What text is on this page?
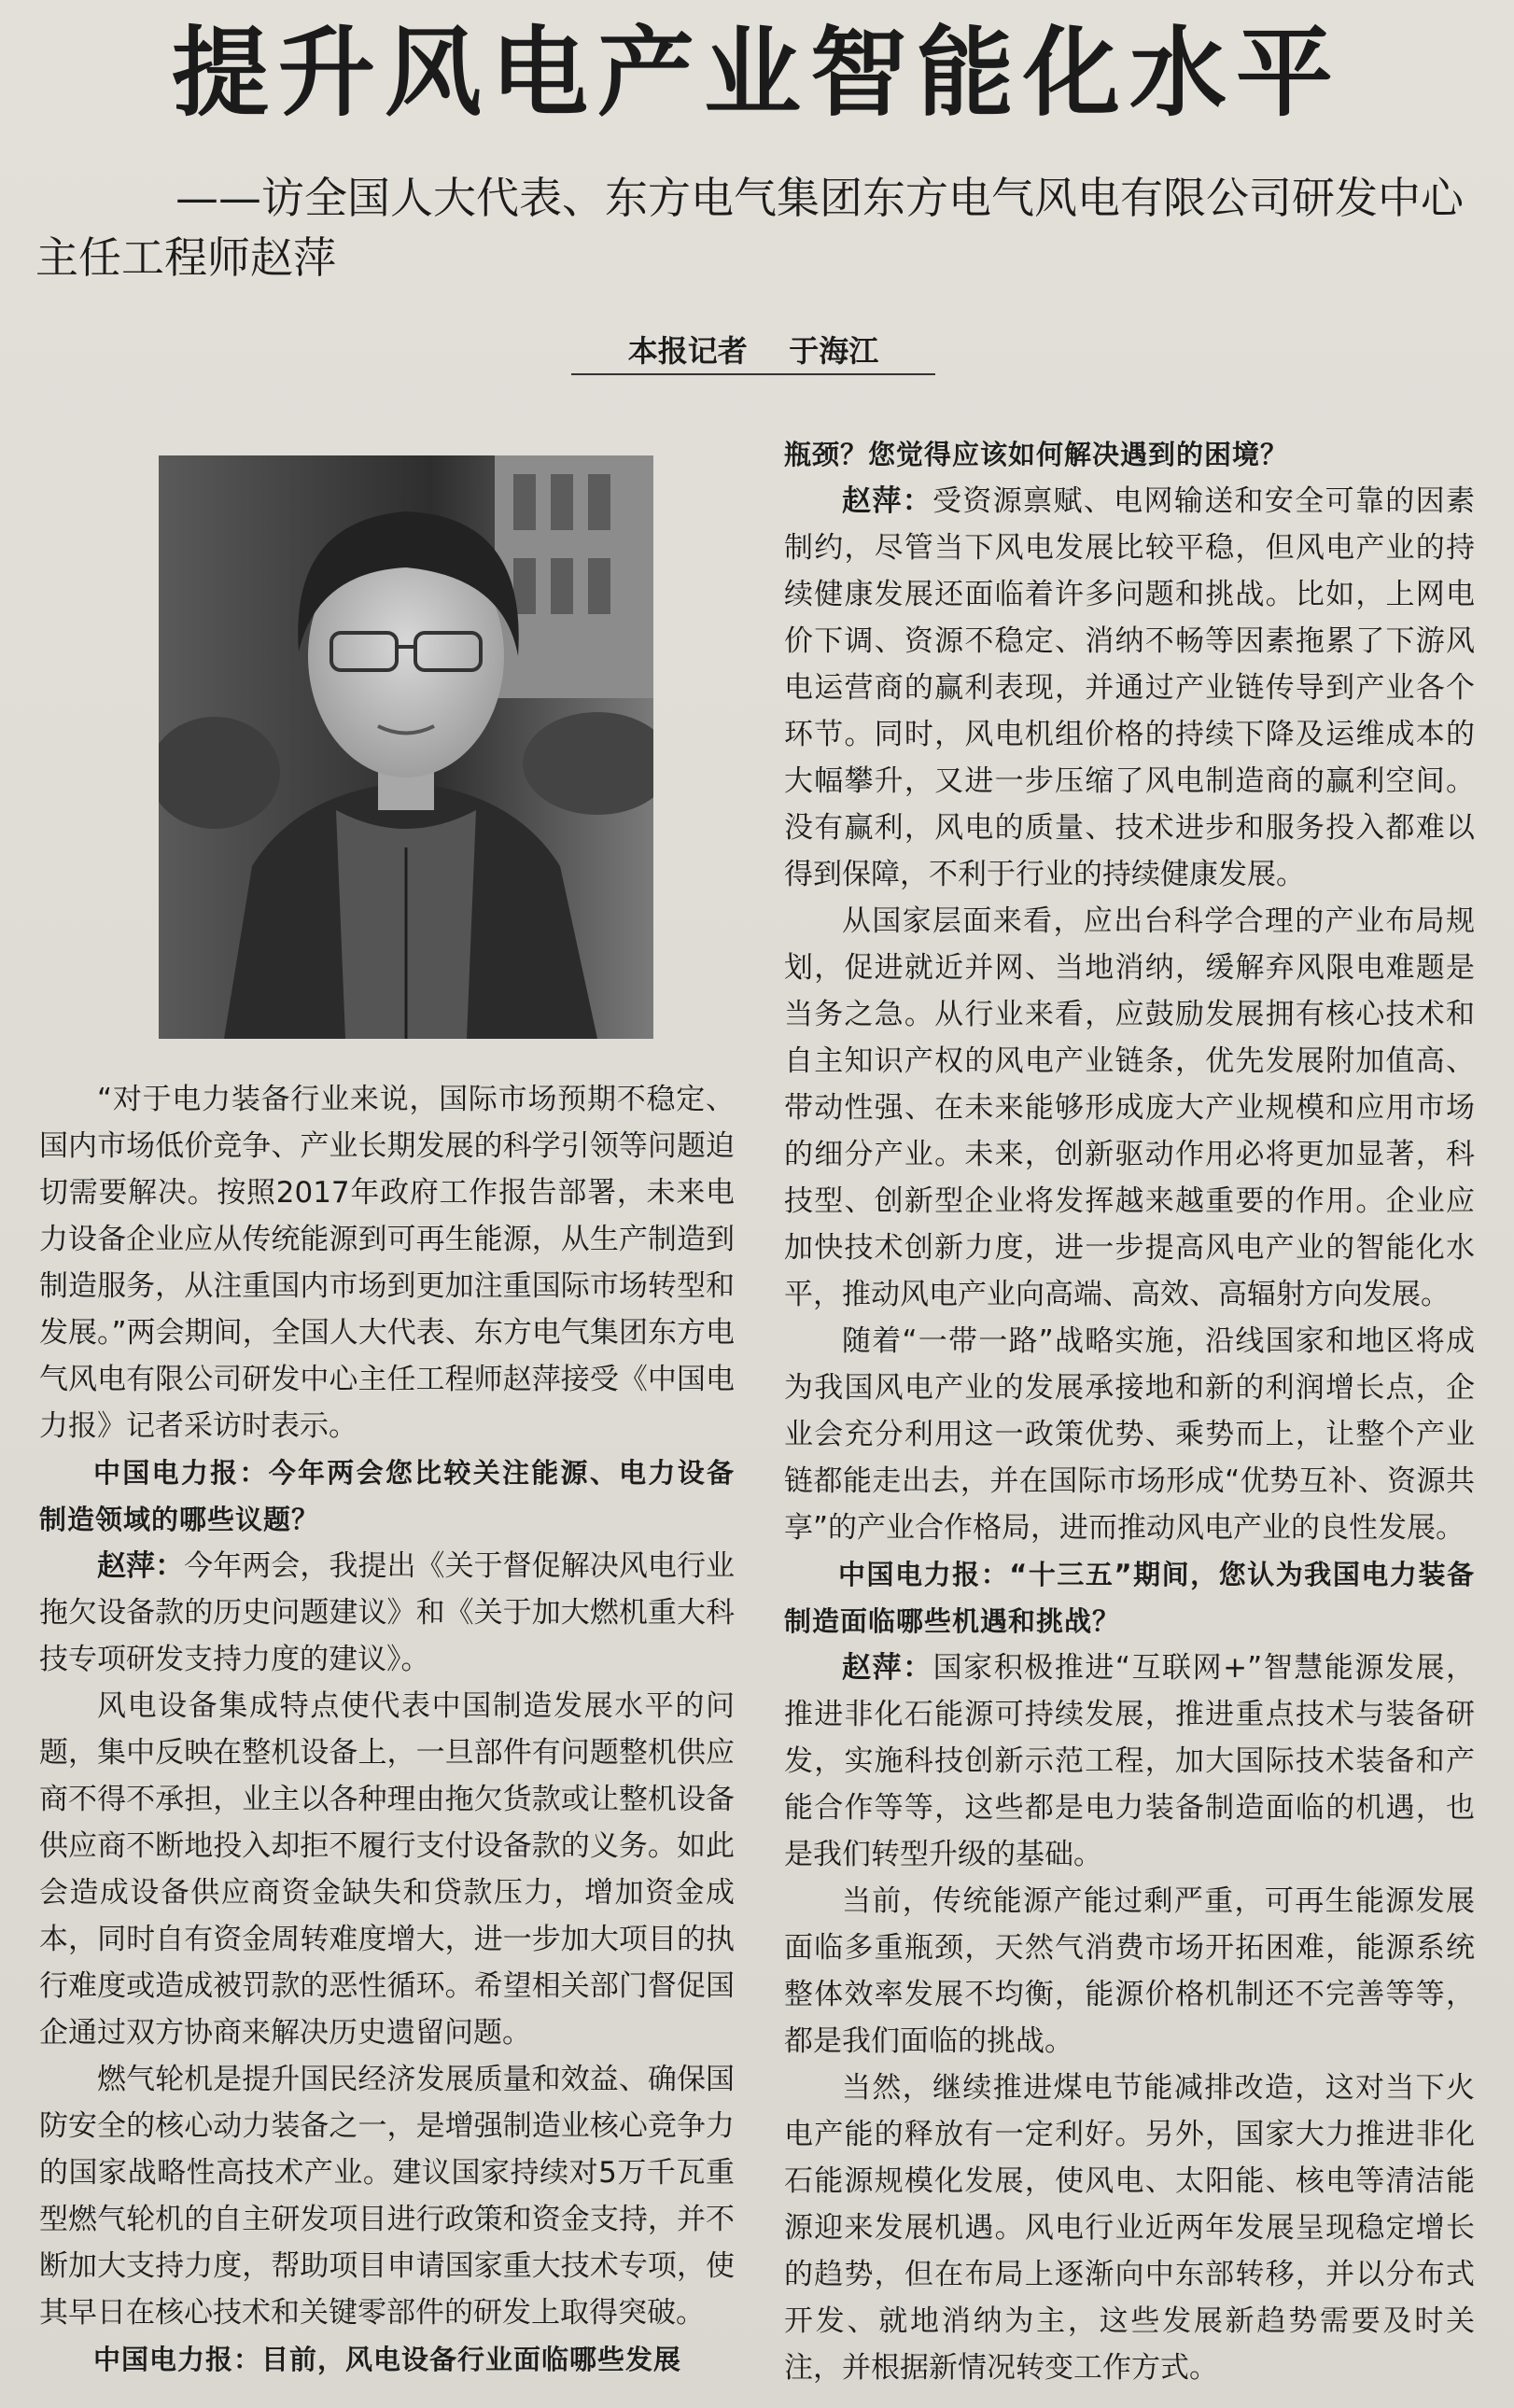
提升风电产业智能化水平

——访全国人大代表、东方电气集团东方电气风电有限公司研发中心主任工程师赵萍

本报记者    于海江

“对于电力装备行业来说，国际市场预期不稳定、国内市场低价竞争、产业长期发展的科学引领等问题迫切需要解决。按照2017年政府工作报告部署，未来电力设备企业应从传统能源到可再生能源，从生产制造到制造服务，从注重国内市场到更加注重国际市场转型和发展。”两会期间，全国人大代表、东方电气集团东方电气风电有限公司研发中心主任工程师赵萍接受《中国电力报》记者采访时表示。

中国电力报：今年两会您比较关注能源、电力设备制造领域的哪些议题？

赵萍：今年两会，我提出《关于督促解决风电行业拖欠设备款的历史问题建议》和《关于加大燃机重大科技专项研发支持力度的建议》。

风电设备集成特点使代表中国制造发展水平的问题，集中反映在整机设备上，一旦部件有问题整机供应商不得不承担，业主以各种理由拖欠货款或让整机设备供应商不断地投入却拒不履行支付设备款的义务。如此会造成设备供应商资金缺失和贷款压力，增加资金成本，同时自有资金周转难度增大，进一步加大项目的执行难度或造成被罚款的恶性循环。希望相关部门督促国企通过双方协商来解决历史遗留问题。

燃气轮机是提升国民经济发展质量和效益、确保国防安全的核心动力装备之一，是增强制造业核心竞争力的国家战略性高技术产业。建议国家持续对5万千瓦重型燃气轮机的自主研发项目进行政策和资金支持，并不断加大支持力度，帮助项目申请国家重大技术专项，使其早日在核心技术和关键零部件的研发上取得突破。

中国电力报：目前，风电设备行业面临哪些发展

瓶颈？您觉得应该如何解决遇到的困境？

赵萍：受资源禀赋、电网输送和安全可靠的因素制约，尽管当下风电发展比较平稳，但风电产业的持续健康发展还面临着许多问题和挑战。比如，上网电价下调、资源不稳定、消纳不畅等因素拖累了下游风电运营商的赢利表现，并通过产业链传导到产业各个环节。同时，风电机组价格的持续下降及运维成本的大幅攀升，又进一步压缩了风电制造商的赢利空间。没有赢利，风电的质量、技术进步和服务投入都难以得到保障，不利于行业的持续健康发展。

从国家层面来看，应出台科学合理的产业布局规划，促进就近并网、当地消纳，缓解弃风限电难题是当务之急。从行业来看，应鼓励发展拥有核心技术和自主知识产权的风电产业链条，优先发展附加值高、带动性强、在未来能够形成庞大产业规模和应用市场的细分产业。未来，创新驱动作用必将更加显著，科技型、创新型企业将发挥越来越重要的作用。企业应加快技术创新力度，进一步提高风电产业的智能化水平，推动风电产业向高端、高效、高辐射方向发展。

随着“一带一路”战略实施，沿线国家和地区将成为我国风电产业的发展承接地和新的利润增长点，企业会充分利用这一政策优势、乘势而上，让整个产业链都能走出去，并在国际市场形成“优势互补、资源共享”的产业合作格局，进而推动风电产业的良性发展。

中国电力报：“十三五”期间，您认为我国电力装备制造面临哪些机遇和挑战？

赵萍：国家积极推进“互联网+”智慧能源发展，推进非化石能源可持续发展，推进重点技术与装备研发，实施科技创新示范工程，加大国际技术装备和产能合作等等，这些都是电力装备制造面临的机遇，也是我们转型升级的基础。

当前，传统能源产能过剩严重，可再生能源发展面临多重瓶颈，天然气消费市场开拓困难，能源系统整体效率发展不均衡，能源价格机制还不完善等等，都是我们面临的挑战。

当然，继续推进煤电节能减排改造，这对当下火电产能的释放有一定利好。另外，国家大力推进非化石能源规模化发展，使风电、太阳能、核电等清洁能源迎来发展机遇。风电行业近两年发展呈现稳定增长的趋势，但在布局上逐渐向中东部转移，并以分布式开发、就地消纳为主，这些发展新趋势需要及时关注，并根据新情况转变工作方式。
